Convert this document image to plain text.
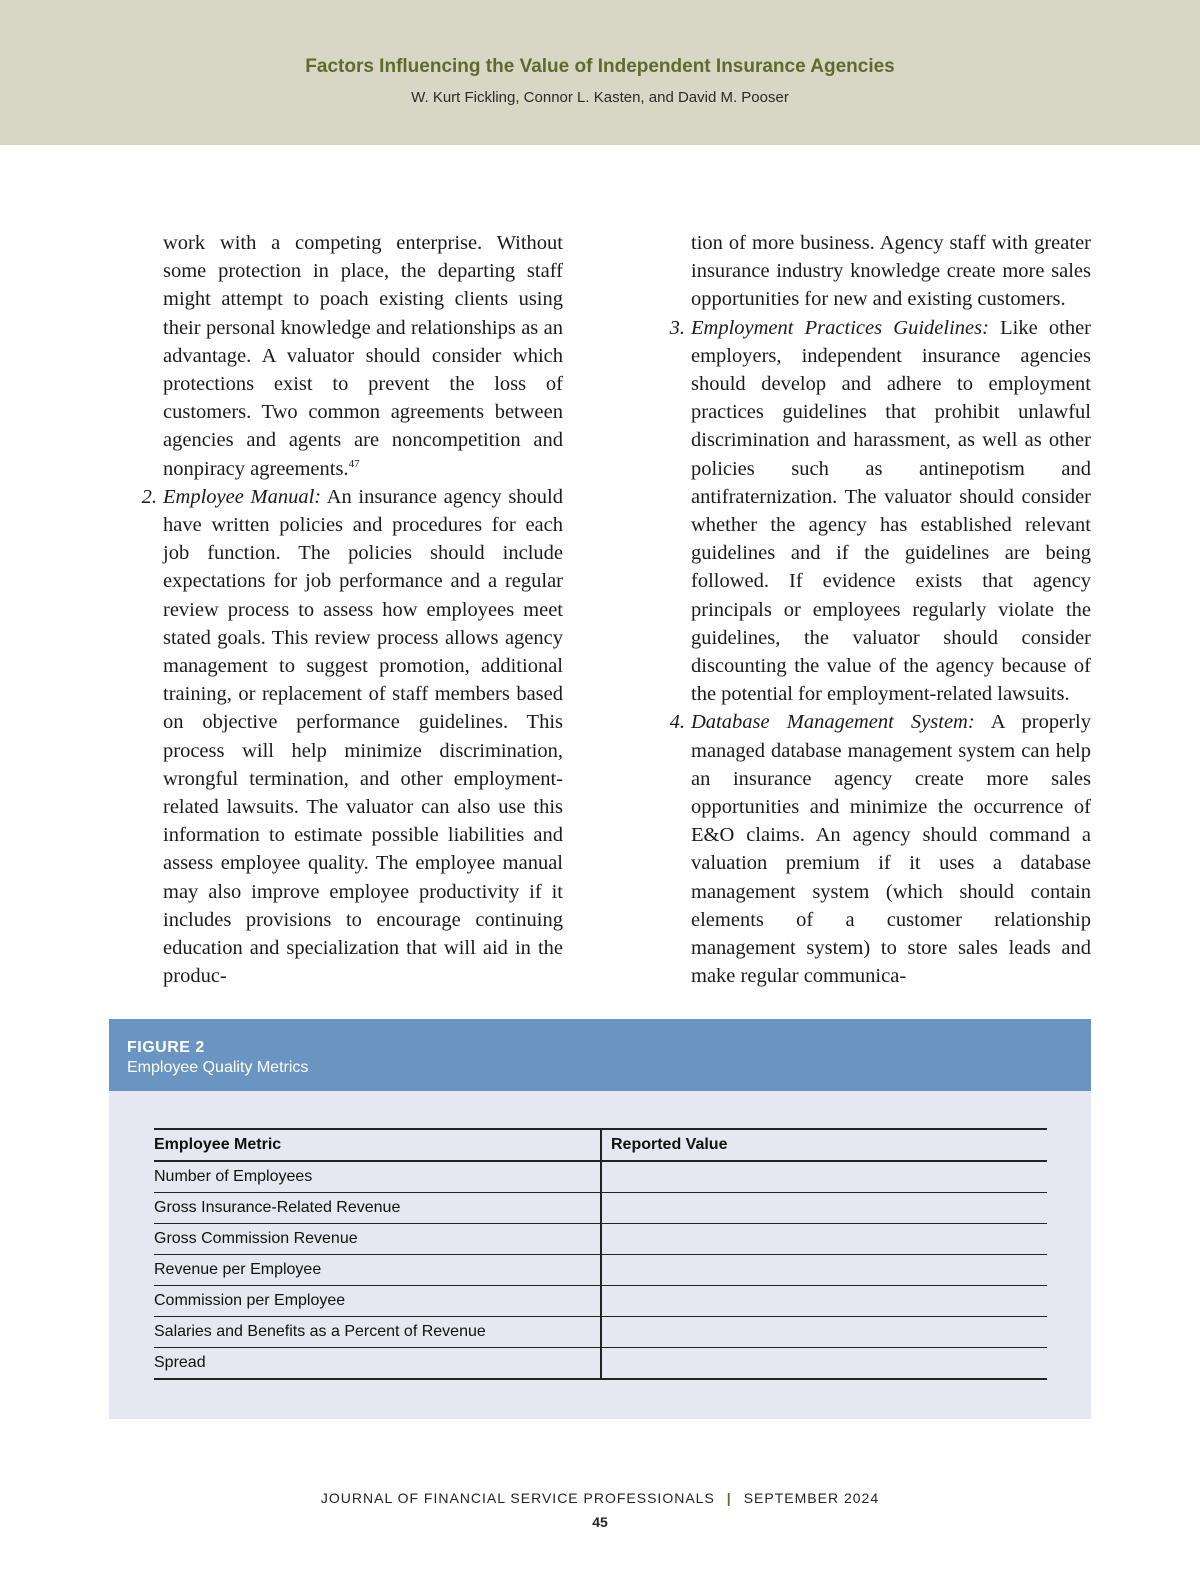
Factors Influencing the Value of Independent Insurance Agencies
W. Kurt Fickling, Connor L. Kasten, and David M. Pooser

work with a competing enterprise. Without some protection in place, the departing staff might attempt to poach existing clients using their personal knowledge and relationships as an advantage. A valuator should consider which protections exist to prevent the loss of customers. Two common agreements between agencies and agents are noncompetition and nonpiracy agreements.$^{47}$

2. Employee Manual: An insurance agency should have written policies and procedures for each job function. The policies should include expectations for job performance and a regular review process to assess how employees meet stated goals. This review process allows agency management to suggest promotion, additional training, or replacement of staff members based on objective performance guidelines. This process will help minimize discrimination, wrongful termination, and other employment-related lawsuits. The valuator can also use this information to estimate possible liabilities and assess employee quality. The employee manual may also improve employee productivity if it includes provisions to encourage continuing education and specialization that will aid in the produc-

tion of more business. Agency staff with greater insurance industry knowledge create more sales opportunities for new and existing customers.

3. Employment Practices Guidelines: Like other employers, independent insurance agencies should develop and adhere to employment practices guidelines that prohibit unlawful discrimination and harassment, as well as other policies such as antinepotism and antifraternization. The valuator should consider whether the agency has established relevant guidelines and if the guidelines are being followed. If evidence exists that agency principals or employees regularly violate the guidelines, the valuator should consider discounting the value of the agency because of the potential for employment-related lawsuits.

4. Database Management System: A properly managed database management system can help an insurance agency create more sales opportunities and minimize the occurrence of E&O claims. An agency should command a valuation premium if it uses a database management system (which should contain elements of a customer relationship management system) to store sales leads and make regular communica-

FIGURE 2
Employee Quality Metrics
Employee Metric	Reported Value
Number of Employees	
Gross Insurance-Related Revenue	
Gross Commission Revenue	
Revenue per Employee	
Commission per Employee	
Salaries and Benefits as a Percent of Revenue	
Spread	
JOURNAL OF FINANCIAL SERVICE PROFESSIONALS | SEPTEMBER 2024
45
